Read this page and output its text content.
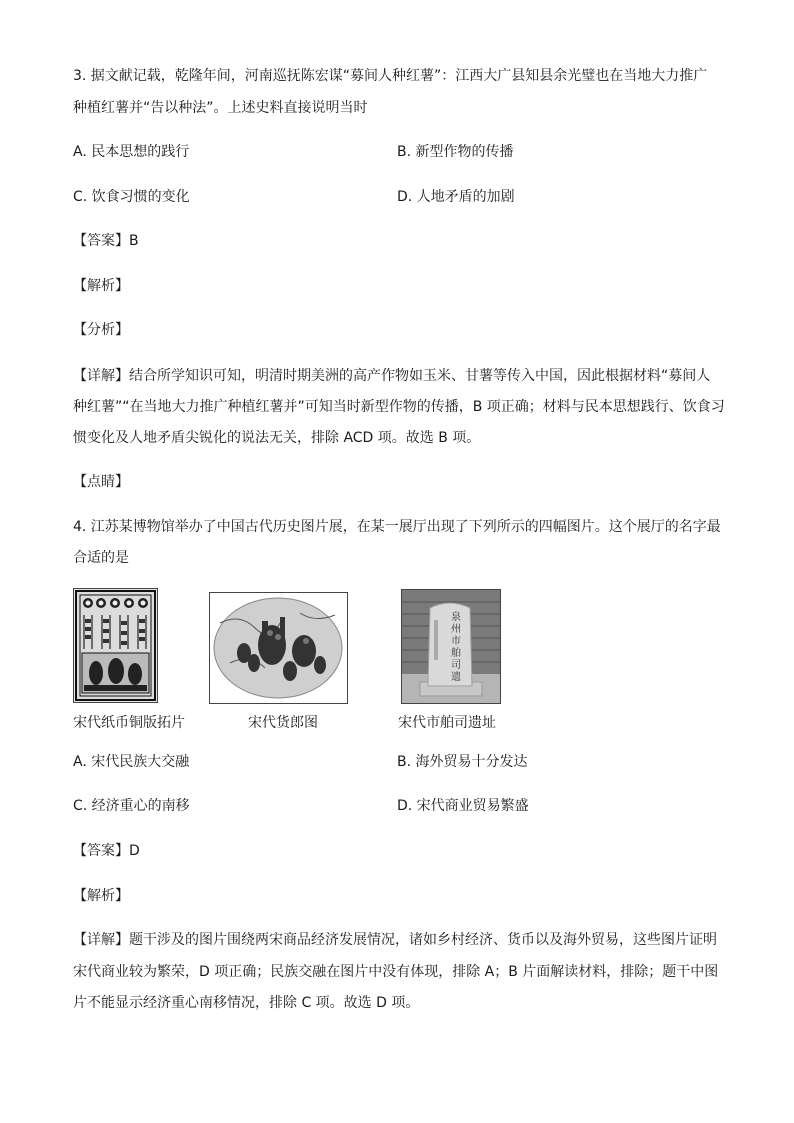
3. 据文献记载，乾隆年间，河南巡抚陈宏谋“募间人种红薯”：江西大广县知县余光璧也在当地大力推广
种植红薯并“告以种法”。上述史料直接说明当时
A. 民本思想的践行	B. 新型作物的传播
C. 饮食习惯的变化	D. 人地矛盾的加剧
【答案】B
【解析】
【分析】
【详解】结合所学知识可知，明清时期美洲的高产作物如玉米、甘薯等传入中国，因此根据材料“募间人
种红薯”“在当地大力推广种植红薯并”可知当时新型作物的传播，B 项正确；材料与民本思想践行、饮食习
惯变化及人地矛盾尖锐化的说法无关，排除 ACD 项。故选 B 项。
【点睛】
4. 江苏某博物馆举办了中国古代历史图片展，在某一展厅出现了下列所示的四幅图片。这个展厅的名字最
合适的是
宋代纸币铜版拓片	宋代货郎图
泉
州
市
舶
司
遗
宋代市舶司遗址
A. 宋代民族大交融	B. 海外贸易十分发达
C. 经济重心的南移	D. 宋代商业贸易繁盛
【答案】D
【解析】
【详解】题干涉及的图片围绕两宋商品经济发展情况，诸如乡村经济、货币以及海外贸易，这些图片证明
宋代商业较为繁荣，D 项正确；民族交融在图片中没有体现，排除 A；B 片面解读材料，排除；题干中图
片不能显示经济重心南移情况，排除 C 项。故选 D 项。
